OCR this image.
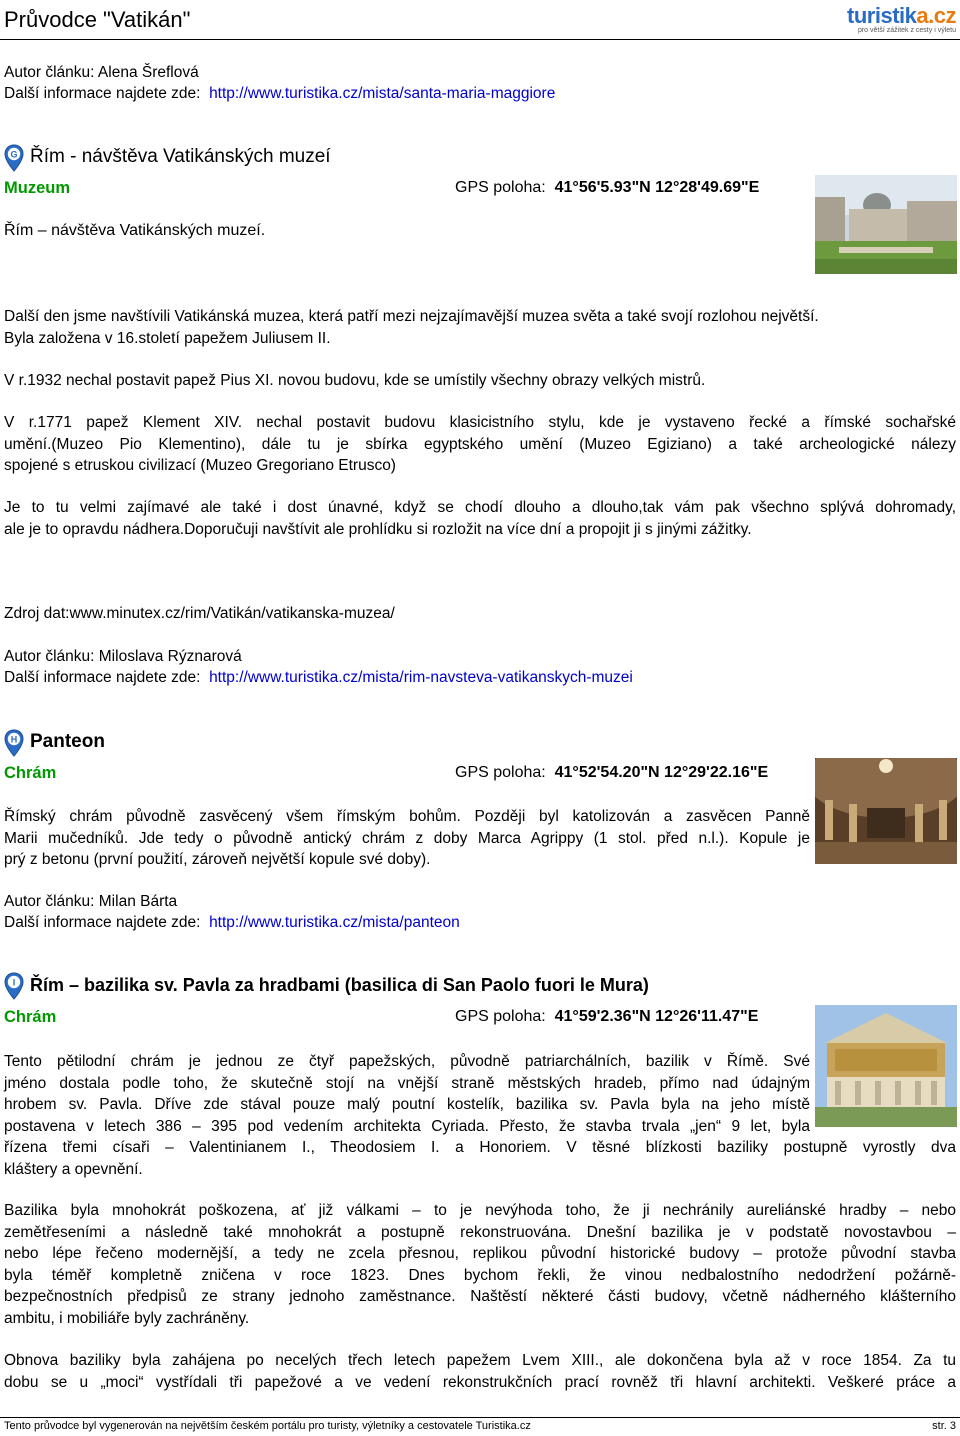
Průvodce "Vatikán"	turistika.cz
pro větší zážitek z cesty i výletu
Autor článku: Alena Šreflová
Další informace najdete zde: http://www.turistika.cz/mista/santa-maria-maggiore
G Řím - návštěva Vatikánských muzeí
Muzeum	GPS poloha: 41°56'5.93"N 12°28'49.69"E
Řím – návštěva Vatikánských muzeí.
Další den jsme navštívili Vatikánská muzea, která patří mezi nejzajímavější muzea světa a také svojí rozlohou největší.
Byla založena v 16.století papežem Juliusem II.
V r.1932 nechal postavit papež Pius XI. novou budovu, kde se umístily všechny obrazy velkých mistrů.
V r.1771 papež Klement XIV. nechal postavit budovu klasicistního stylu, kde je vystaveno řecké a římské sochařské
umění.(Muzeo Pio Klementino), dále tu je sbírka egyptského umění (Muzeo Egiziano) a také archeologické nálezy
spojené s etruskou civilizací (Muzeo Gregoriano Etrusco)
Je to tu velmi zajímavé ale také i dost únavné, když se chodí dlouho a dlouho,tak vám pak všechno splývá dohromady,
ale je to opravdu nádhera.Doporučuji navštívit ale prohlídku si rozložit na více dní a propojit ji s jinými zážitky.
Zdroj dat:www.minutex.cz/rim/Vatikán/vatikanska-muzea/
Autor článku: Miloslava Rýznarová
Další informace najdete zde: http://www.turistika.cz/mista/rim-navsteva-vatikanskych-muzei
H Panteon
Chrám	GPS poloha: 41°52'54.20"N 12°29'22.16"E
Římský chrám původně zasvěcený všem římským bohům. Později byl katolizován a zasvěcen Panně
Marii mučedníků. Jde tedy o původně antický chrám z doby Marca Agrippy (1 stol. před n.l.). Kopule je
prý z betonu (první použití, zároveň největší kopule své doby).
Autor článku: Milan Bárta
Další informace najdete zde: http://www.turistika.cz/mista/panteon
I Řím – bazilika sv. Pavla za hradbami (basilica di San Paolo fuori le Mura)
Chrám	GPS poloha: 41°59'2.36"N 12°26'11.47"E
Tento pětilodní chrám je jednou ze čtyř papežských, původně patriarchálních, bazilik v Římě. Své
jméno dostala podle toho, že skutečně stojí na vnější straně městských hradeb, přímo nad údajným
hrobem sv. Pavla. Dříve zde stával pouze malý poutní kostelík, bazilika sv. Pavla byla na jeho místě
postavena v letech 386 – 395 pod vedením architekta Cyriada. Přesto, že stavba trvala „jen“ 9 let, byla
řízena třemi císaři – Valentinianem I., Theodosiem I. a Honoriem. V těsné blízkosti baziliky postupně vyrostly dva
kláštery a opevnění.
Bazilika byla mnohokrát poškozena, ať již válkami – to je nevýhoda toho, že ji nechránily aureliánské hradby – nebo
zemětřeseními a následně také mnohokrát a postupně rekonstruována. Dnešní bazilika je v podstatě novostavbou –
nebo lépe řečeno modernější, a tedy ne zcela přesnou, replikou původní historické budovy – protože původní stavba
byla téměř kompletně zničena v roce 1823. Dnes bychom řekli, že vinou nedbalostního nedodržení požárně-
bezpečnostních předpisů ze strany jednoho zaměstnance. Naštěstí některé části budovy, včetně nádherného klášterního
ambitu, i mobiliáře byly zachráněny.
Obnova baziliky byla zahájena po necelých třech letech papežem Lvem XIII., ale dokončena byla až v roce 1854. Za tu
dobu se u „moci“ vystřídali tři papežové a ve vedení rekonstrukčních prací rovněž tři hlavní architekti. Veškeré práce a
Tento průvodce byl vygenerován na největším českém portálu pro turisty, výletníky a cestovatele Turistika.cz	str. 3
